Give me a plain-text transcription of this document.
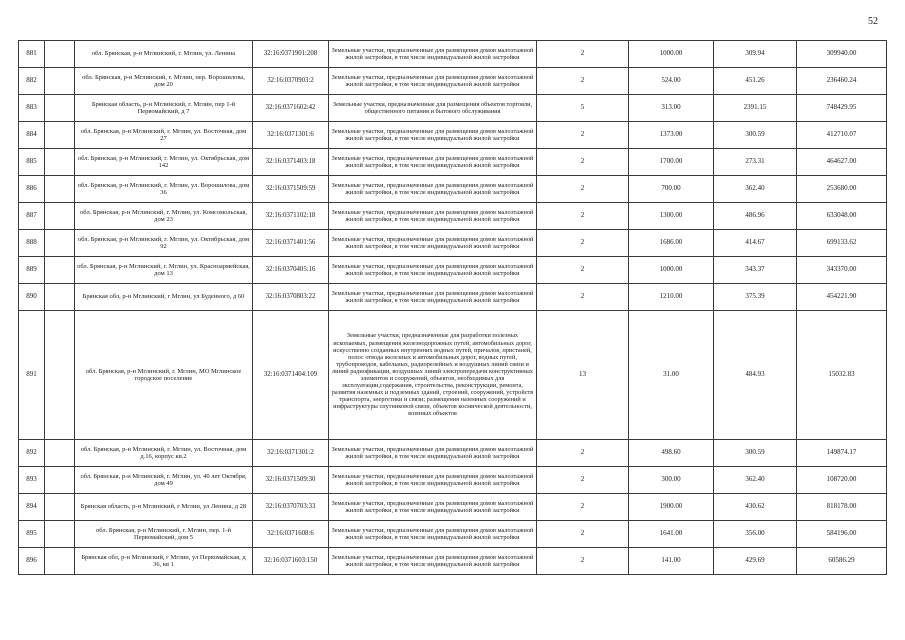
52
881		обл. Брянская, р-н Мглинский, г. Мглин, ул. Ленина	32:16:0371901:208	Земельные участки, предназначенные для размещения домов малоэтажной жилой застройки, в том числе индивидуальной жилой застройки	2	1000.00	309.94	309940.00
882		обл. Брянская, р-н Мглинский, г. Мглин, пер. Ворошилова, дом 20	32:16:0370903:2	Земельные участки, предназначенные для размещения домов малоэтажной жилой застройки, в том числе индивидуальной жилой застройки	2	524.00	451.26	236460.24
883		Брянская область, р-н Мглинский, г. Мглин, пер 1-й Первомайский, д 7	32:16:0371602:42	Земельные участки, предназначенные для размещения объектов торговли, общественного питания и бытового обслуживания	5	313.00	2391.15	748429.95
884		обл. Брянская, р-н Мглинский, г. Мглин, ул. Восточная, дом 27	32:16:0371301:6	Земельные участки, предназначенные для размещения домов малоэтажной жилой застройки, в том числе индивидуальной жилой застройки	2	1373.00	300.59	412710.07
885		обл. Брянская, р-н Мглинский, г. Мглин, ул. Октябрьская, дом 142	32:16:0371403:18	Земельные участки, предназначенные для размещения домов малоэтажной жилой застройки, в том числе индивидуальной жилой застройки	2	1700.00	273.31	464627.00
886		обл. Брянская, р-н Мглинский, г. Мглин, ул. Ворошилова, дом 36	32:16:0371509:59	Земельные участки, предназначенные для размещения домов малоэтажной жилой застройки, в том числе индивидуальной жилой застройки	2	700.00	362.40	253680.00
887		обл. Брянская, р-н Мглинский, г. Мглин, ул. Комсомольская, дом 23	32:16:0371102:18	Земельные участки, предназначенные для размещения домов малоэтажной жилой застройки, в том числе индивидуальной жилой застройки	2	1300.00	486.96	633048.00
888		обл. Брянская, р-н Мглинский, г. Мглин, ул. Октябрьская, дом 92	32:16:0371401:56	Земельные участки, предназначенные для размещения домов малоэтажной жилой застройки, в том числе индивидуальной жилой застройки	2	1686.00	414.67	699133.62
889		обл. Брянская, р-н Мглинский, г. Мглин, ул. Красноармейская, дом 13	32:16:0370405:16	Земельные участки, предназначенные для размещения домов малоэтажной жилой застройки, в том числе индивидуальной жилой застройки	2	1000.00	343.37	343370.00
890		Брянская обл, р-н Мглинский, г Мглин, ул Буденного, д 60	32:16:0370803:22	Земельные участки, предназначенные для размещения домов малоэтажной жилой застройки, в том числе индивидуальной жилой застройки	2	1210.00	375.39	454221.90
891		обл. Брянская, р-н Мглинский, г. Мглин, МО Мглинское городское поселение	32:16:0371404:109	Земельные участки, предназначенные для разработки полезных ископаемых, размещения железнодорожных путей, автомобильных дорог, искусственно созданных внутренних водных путей, причалов, пристаней, полос отвода железных и автомобильных дорог, водных путей, трубопроводов, кабельных, радиорелейных и воздушных линий связи и линий радиофикации, воздушных линий электропередачи конструктивных элементов и сооружений, объектов, необходимых для эксплуатации,содержания, строительства, реконструкции, ремонта, развития наземных и подземных зданий, строений, сооружений, устройств транспорта, энергетики и связи; размещения наземных сооружений и инфраструктуры спутниковой связи, объектов космической деятельности, военных объектов	13	31.00	484.93	15032.83
892		обл. Брянская, р-н Мглинский, г. Мглин, ул. Восточная, дом д.16, корпус кв.2	32:16:0371301:2	Земельные участки, предназначенные для размещения домов малоэтажной жилой застройки, в том числе индивидуальной жилой застройки	2	498.60	300.59	149874.17
893		обл. Брянская, р-н Мглинский, г. Мглин, ул. 40 лет Октября, дом 49	32:16:0371509:30	Земельные участки, предназначенные для размещения домов малоэтажной жилой застройки, в том числе индивидуальной жилой застройки	2	300.00	362.40	108720.00
894		Брянская область, р-н Мглинский, г Мглин, ул Ленина, д 28	32:16:0370703:33	Земельные участки, предназначенные для размещения домов малоэтажной жилой застройки, в том числе индивидуальной жилой застройки	2	1900.00	430.62	818178.00
895		обл. Брянская, р-н Мглинский, г. Мглин, пер. 1-й Первомайский, дом 5	32:16:0371608:6	Земельные участки, предназначенные для размещения домов малоэтажной жилой застройки, в том числе индивидуальной жилой застройки	2	1641.00	356.00	584196.00
896		Брянская обл, р-н Мглинский, г Мглин, ул Первомайская, д 36, кв 1	32:16:0371603:150	Земельные участки, предназначенные для размещения домов малоэтажной жилой застройки, в том числе индивидуальной жилой застройки	2	141.00	429.69	60586.29
